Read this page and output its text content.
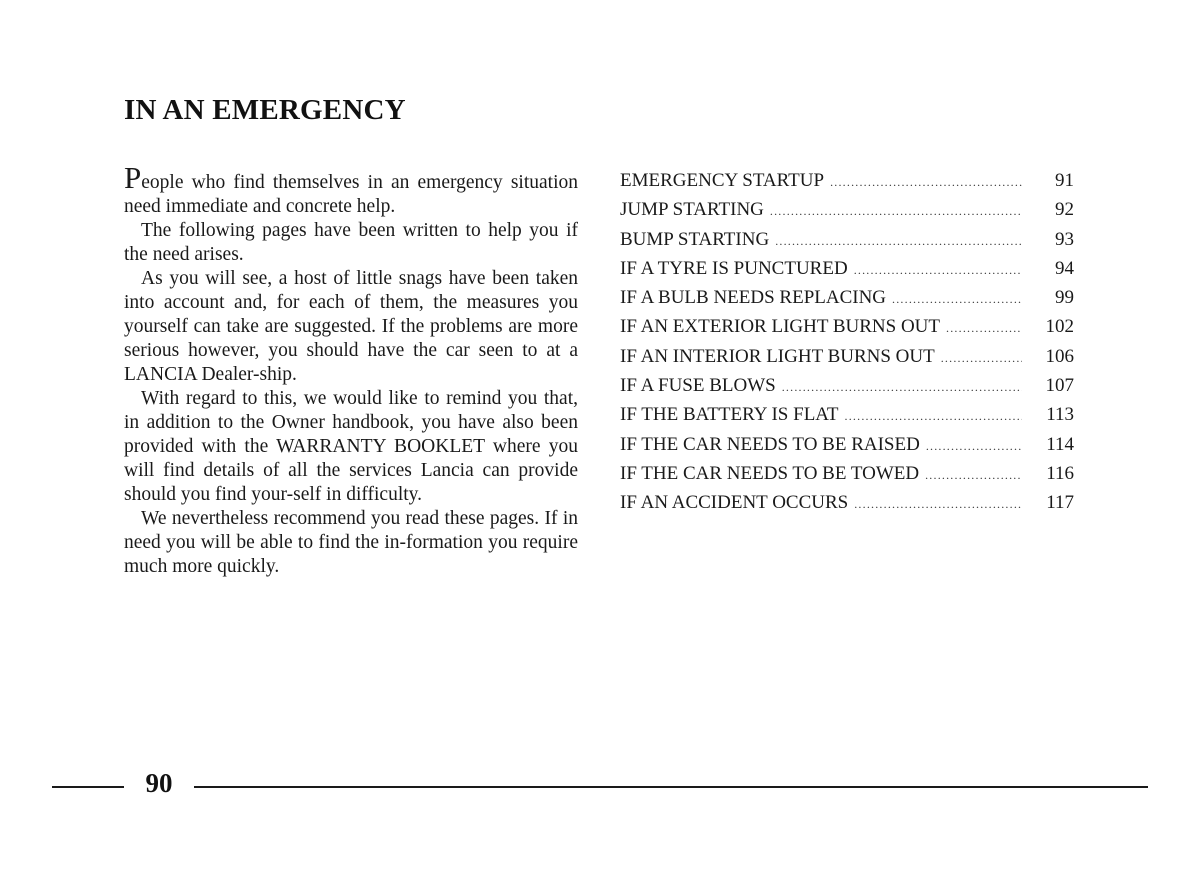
IN AN EMERGENCY

People who find themselves in an emergency situation need immediate and concrete help.

The following pages have been written to help you if the need arises.

As you will see, a host of little snags have been taken into account and, for each of them, the measures you yourself can take are suggested. If the problems are more serious however, you should have the car seen to at a LANCIA Dealer-ship.

With regard to this, we would like to remind you that, in addition to the Owner handbook, you have also been provided with the WARRANTY BOOKLET where you will find details of all the services Lancia can provide should you find your-self in difficulty.

We nevertheless recommend you read these pages. If in need you will be able to find the in-formation you require much more quickly.

EMERGENCY STARTUP .....	91
JUMP STARTING .....	92
BUMP STARTING .....	93
IF A TYRE IS PUNCTURED .....	94
IF A BULB NEEDS REPLACING .....	99
IF AN EXTERIOR LIGHT BURNS OUT .....	102
IF AN INTERIOR LIGHT BURNS OUT .....	106
IF A FUSE BLOWS .....	107
IF THE BATTERY IS FLAT .....	113
IF THE CAR NEEDS TO BE RAISED .....	114
IF THE CAR NEEDS TO BE TOWED .....	116
IF AN ACCIDENT OCCURS .....	117
90
